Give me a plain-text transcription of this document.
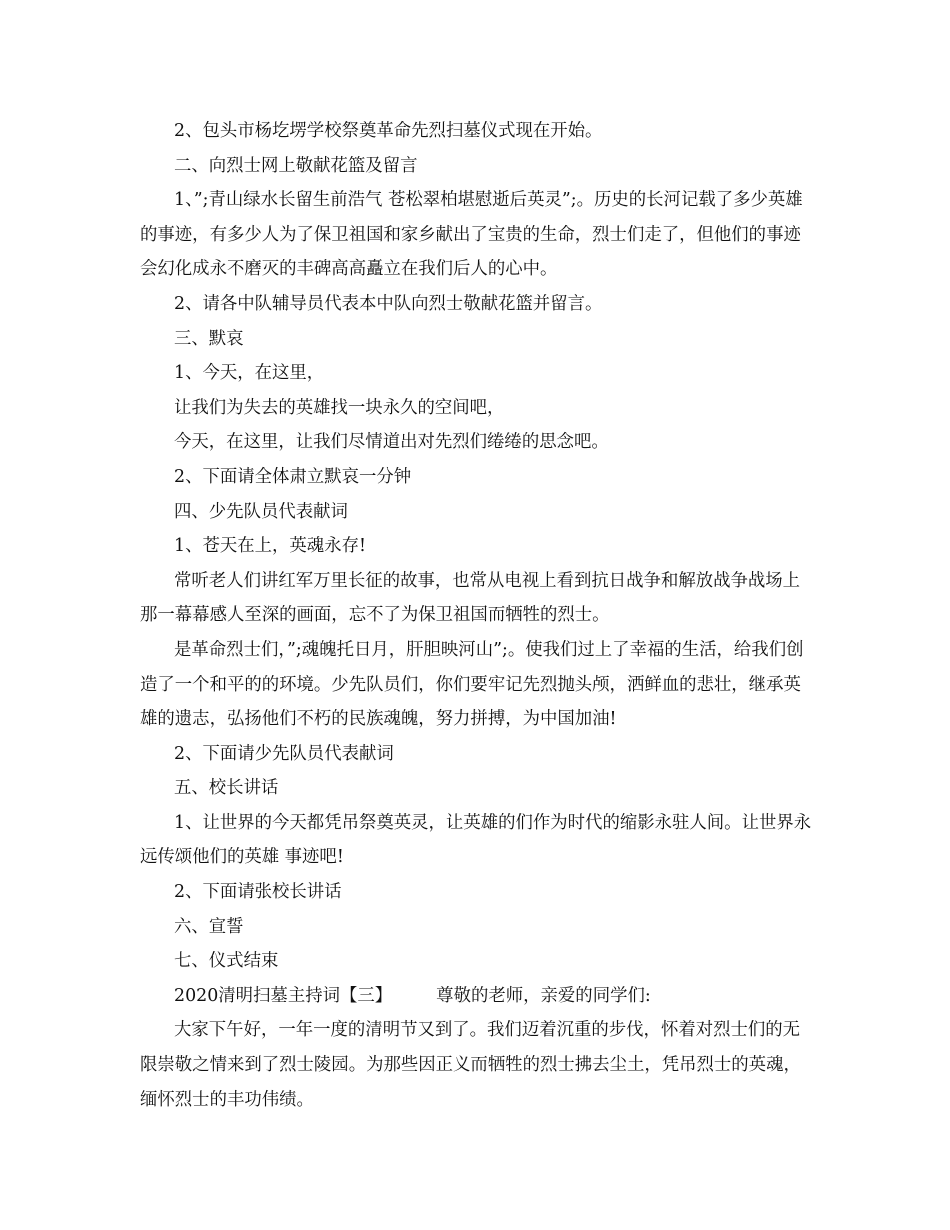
2、包头市杨圪塄学校祭奠革命先烈扫墓仪式现在开始。

二、向烈士网上敬献花篮及留言

1、”;青山绿水长留生前浩气 苍松翠柏堪慰逝后英灵”;。历史的长河记载了多少英雄的事迹，有多少人为了保卫祖国和家乡献出了宝贵的生命，烈士们走了，但他们的事迹会幻化成永不磨灭的丰碑高高矗立在我们后人的心中。

2、请各中队辅导员代表本中队向烈士敬献花篮并留言。

三、默哀

1、今天，在这里，

让我们为失去的英雄找一块永久的空间吧，

今天，在这里，让我们尽情道出对先烈们绻绻的思念吧。

2、下面请全体肃立默哀一分钟

四、少先队员代表献词

1、苍天在上，英魂永存!

常听老人们讲红军万里长征的故事，也常从电视上看到抗日战争和解放战争战场上那一幕幕感人至深的画面，忘不了为保卫祖国而牺牲的烈士。

是革命烈士们，”;魂魄托日月，肝胆映河山”;。使我们过上了幸福的生活，给我们创造了一个和平的的环境。少先队员们，你们要牢记先烈抛头颅，洒鲜血的悲壮，继承英雄的遗志，弘扬他们不朽的民族魂魄，努力拼搏，为中国加油!

2、下面请少先队员代表献词

五、校长讲话

1、让世界的今天都凭吊祭奠英灵，让英雄的们作为时代的缩影永驻人间。让世界永远传颂他们的英雄 事迹吧!

2、下面请张校长讲话

六、宣誓

七、仪式结束

2020清明扫墓主持词【三】	尊敬的老师，亲爱的同学们:

大家下午好，一年一度的清明节又到了。我们迈着沉重的步伐，怀着对烈士们的无限崇敬之情来到了烈士陵园。为那些因正义而牺牲的烈士拂去尘土，凭吊烈士的英魂，缅怀烈士的丰功伟绩。
